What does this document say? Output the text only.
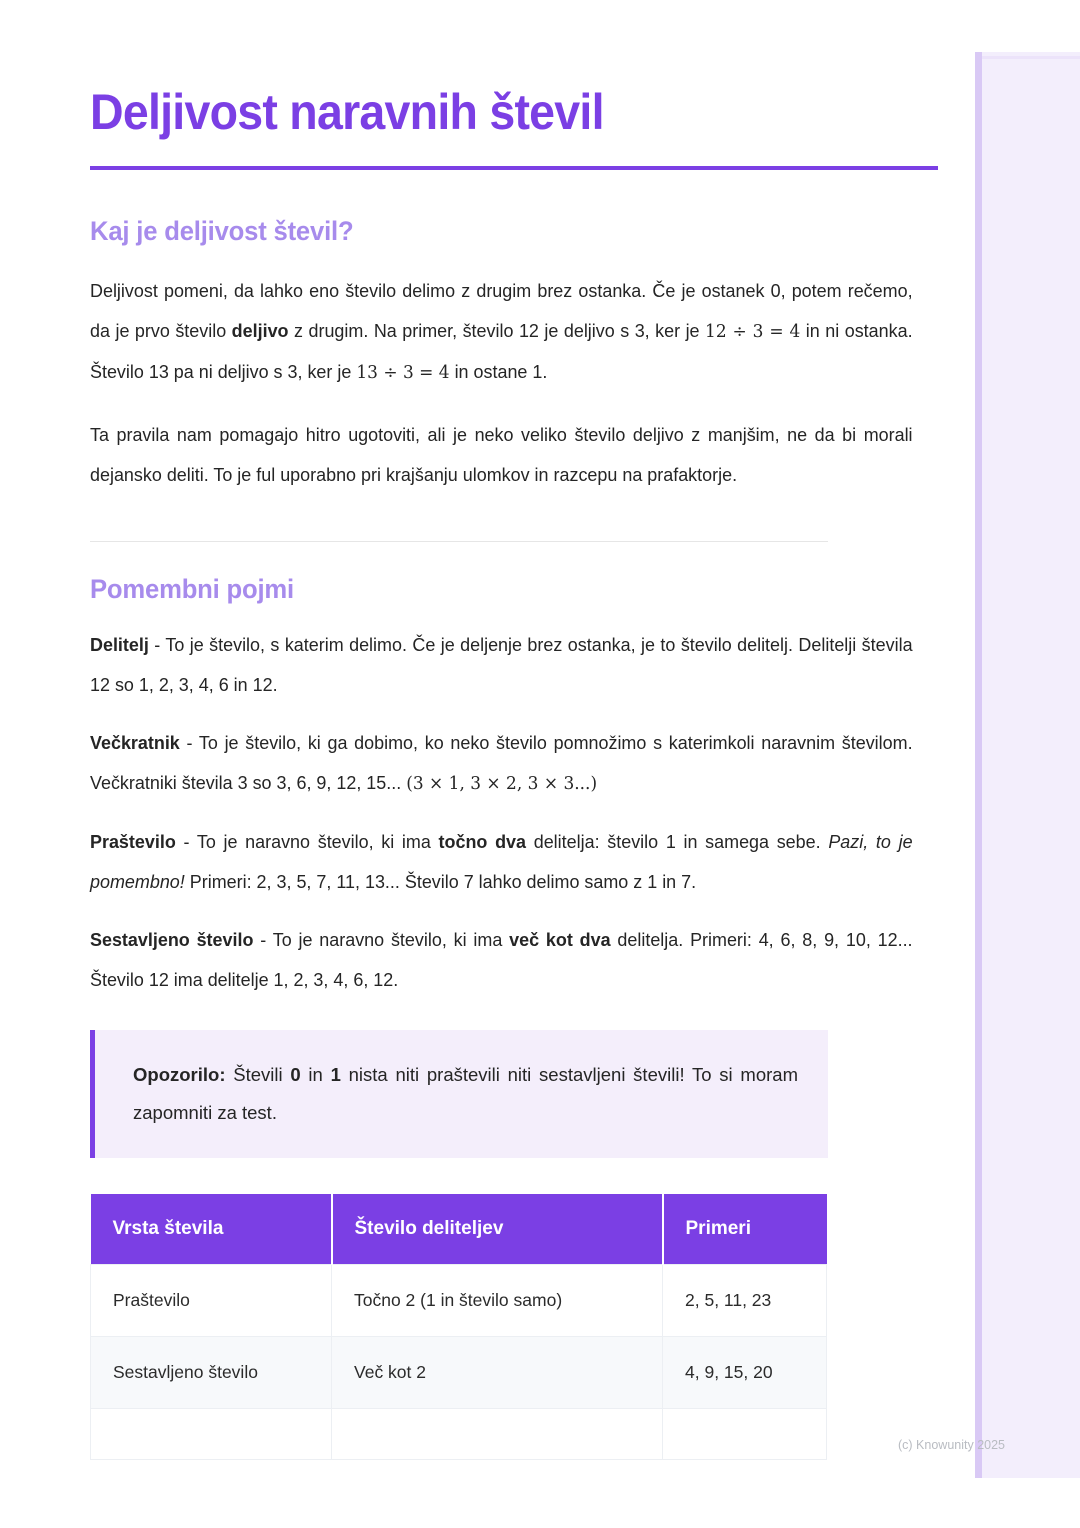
Deljivost naravnih števil
Kaj je deljivost števil?

Deljivost pomeni, da lahko eno število delimo z drugim brez ostanka. Če je ostanek 0, potem rečemo, da je prvo število deljivo z drugim. Na primer, število 12 je deljivo s 3, ker je 12 ÷ 3 = 4 in ni ostanka. Število 13 pa ni deljivo s 3, ker je 13 ÷ 3 = 4 in ostane 1.

Ta pravila nam pomagajo hitro ugotoviti, ali je neko veliko število deljivo z manjšim, ne da bi morali dejansko deliti. To je ful uporabno pri krajšanju ulomkov in razcepu na prafaktorje.

Pomembni pojmi

Delitelj - To je število, s katerim delimo. Če je deljenje brez ostanka, je to število delitelj. Delitelji števila 12 so 1, 2, 3, 4, 6 in 12.

Večkratnik - To je število, ki ga dobimo, ko neko število pomnožimo s katerimkoli naravnim številom. Večkratniki števila 3 so 3, 6, 9, 12, 15... (3 × 1, 3 × 2, 3 × 3...)

Praštevilo - To je naravno število, ki ima točno dva delitelja: število 1 in samega sebe. Pazi, to je pomembno! Primeri: 2, 3, 5, 7, 11, 13... Število 7 lahko delimo samo z 1 in 7.

Sestavljeno število - To je naravno število, ki ima več kot dva delitelja. Primeri: 4, 6, 8, 9, 10, 12... Število 12 ima delitelje 1, 2, 3, 4, 6, 12.

Opozorilo: Števili 0 in 1 nista niti praštevili niti sestavljeni števili! To si moram zapomniti za test.

Vrsta števila	Število deliteljev	Primeri
Praštevilo	Točno 2 (1 in število samo)	2, 5, 11, 23
Sestavljeno število	Več kot 2	4, 9, 15, 20

(c) Knowunity 2025
